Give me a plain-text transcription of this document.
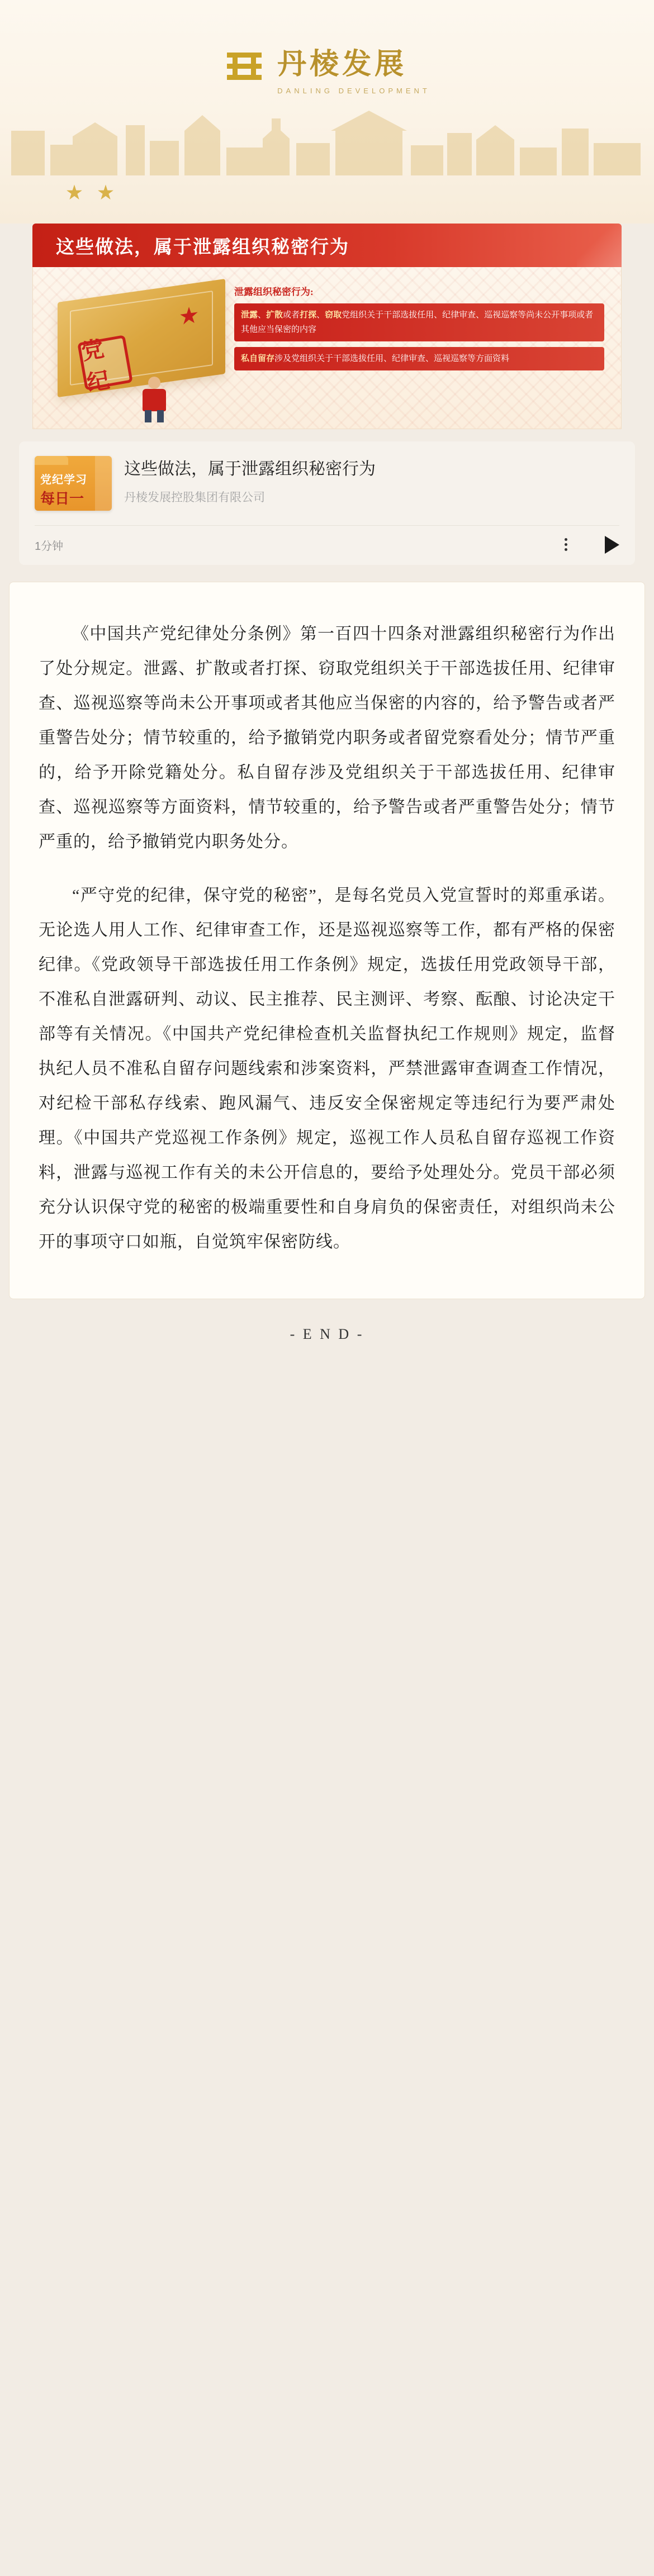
丹棱发展
DANLING DEVELOPMENT
★ ★
这些做法，属于泄露组织秘密行为
★
党纪
泄露组织秘密行为:
泄露、扩散或者打探、窃取党组织关于干部选拔任用、纪律审查、巡视巡察等尚未公开事项或者其他应当保密的内容
私自留存涉及党组织关于干部选拔任用、纪律审查、巡视巡察等方面资料
党纪学习
每日一
这些做法，属于泄露组织秘密行为
丹棱发展控股集团有限公司
1分钟

《中国共产党纪律处分条例》第一百四十四条对泄露组织秘密行为作出了处分规定。泄露、扩散或者打探、窃取党组织关于干部选拔任用、纪律审查、巡视巡察等尚未公开事项或者其他应当保密的内容的，给予警告或者严重警告处分；情节较重的，给予撤销党内职务或者留党察看处分；情节严重的，给予开除党籍处分。私自留存涉及党组织关于干部选拔任用、纪律审查、巡视巡察等方面资料，情节较重的，给予警告或者严重警告处分；情节严重的，给予撤销党内职务处分。

“严守党的纪律，保守党的秘密”，是每名党员入党宣誓时的郑重承诺。无论选人用人工作、纪律审查工作，还是巡视巡察等工作，都有严格的保密纪律。《党政领导干部选拔任用工作条例》规定，选拔任用党政领导干部，不准私自泄露研判、动议、民主推荐、民主测评、考察、酝酿、讨论决定干部等有关情况。《中国共产党纪律检查机关监督执纪工作规则》规定，监督执纪人员不准私自留存问题线索和涉案资料，严禁泄露审查调查工作情况，对纪检干部私存线索、跑风漏气、违反安全保密规定等违纪行为要严肃处理。《中国共产党巡视工作条例》规定，巡视工作人员私自留存巡视工作资料，泄露与巡视工作有关的未公开信息的，要给予处理处分。党员干部必须充分认识保守党的秘密的极端重要性和自身肩负的保密责任，对组织尚未公开的事项守口如瓶，自觉筑牢保密防线。

- E N D -
